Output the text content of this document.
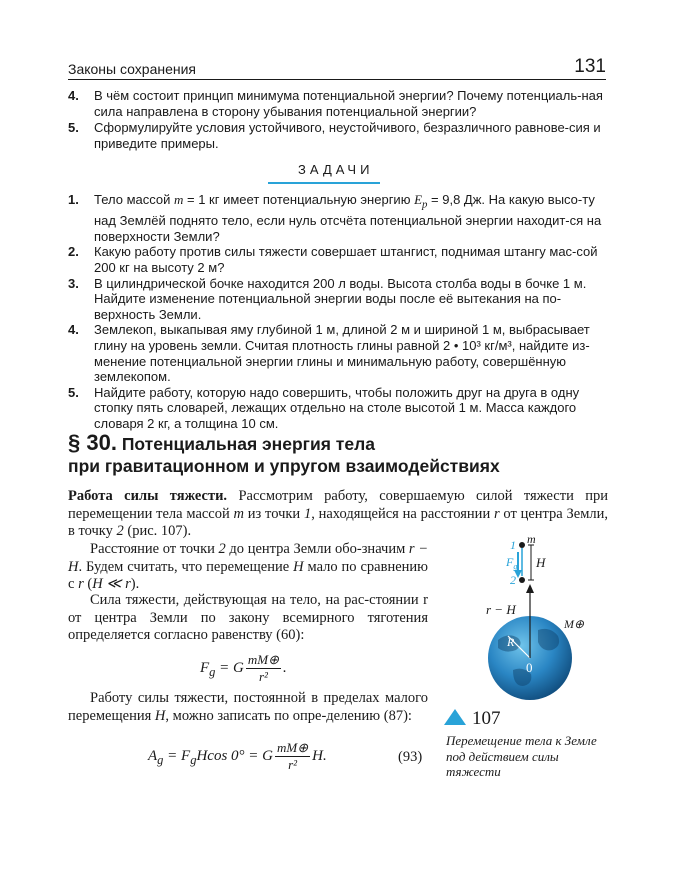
Законы сохранения	131
4. В чём состоит принцип минимума потенциальной энергии? Почему потенциаль-ная сила направлена в сторону убывания потенциальной энергии?
5. Сформулируйте условия устойчивого, неустойчивого, безразличного равнове-сия и приведите примеры.
ЗАДАЧИ
1. Тело массой m = 1 кг имеет потенциальную энергию $E_p = 9,8$ Дж. На какую высо-ту над Землёй поднято тело, если нуль отсчёта потенциальной энергии находит-ся на поверхности Земли?
2. Какую работу против силы тяжести совершает штангист, поднимая штангу мас-сой 200 кг на высоту 2 м?
3. В цилиндрической бочке находится 200 л воды. Высота столба воды в бочке 1 м. Найдите изменение потенциальной энергии воды после её вытекания на по-верхность Земли.
4. Землекоп, выкапывая яму глубиной 1 м, длиной 2 м и шириной 1 м, выбрасывает глину на уровень земли. Считая плотность глины равной 2 • 10³ кг/м³, найдите из-менение потенциальной энергии глины и минимальную работу, совершённую землекопом.
5. Найдите работу, которую надо совершить, чтобы положить друг на друга в одну стопку пять словарей, лежащих отдельно на столе высотой 1 м. Масса каждого словаря 2 кг, а толщина 10 см.
§ 30. Потенциальная энергия тела
при гравитационном и упругом взаимодействиях
Работа силы тяжести. Рассмотрим работу, совершаемую силой тяжести при перемещении тела массой m из точки 1, находящейся на расстоянии r от центра Земли, в точку 2 (рис. 107).
Расстояние от точки 2 до центра Земли обо-значим r − H. Будем считать, что перемещение H мало по сравнению с r (H ≪ r).
Сила тяжести, действующая на тело, на рас-стоянии r от центра Земли по закону всемирного тяготения определяется согласно равенству (60):
$F_g = G \frac{mM\oplus}{\text{r²}}$ .
Работу силы тяжести, постоянной в пределах малого перемещения H, можно записать по опре-делению (87):
$A_g = F_gHcos$ 0° = G $\frac{mM\oplus}{\text{r²}} H$.	(93)
1 m
2
H
$F_g$
r − H
R
M⊕
0
107
Перемещение тела к Земле под действием силы тяжести
